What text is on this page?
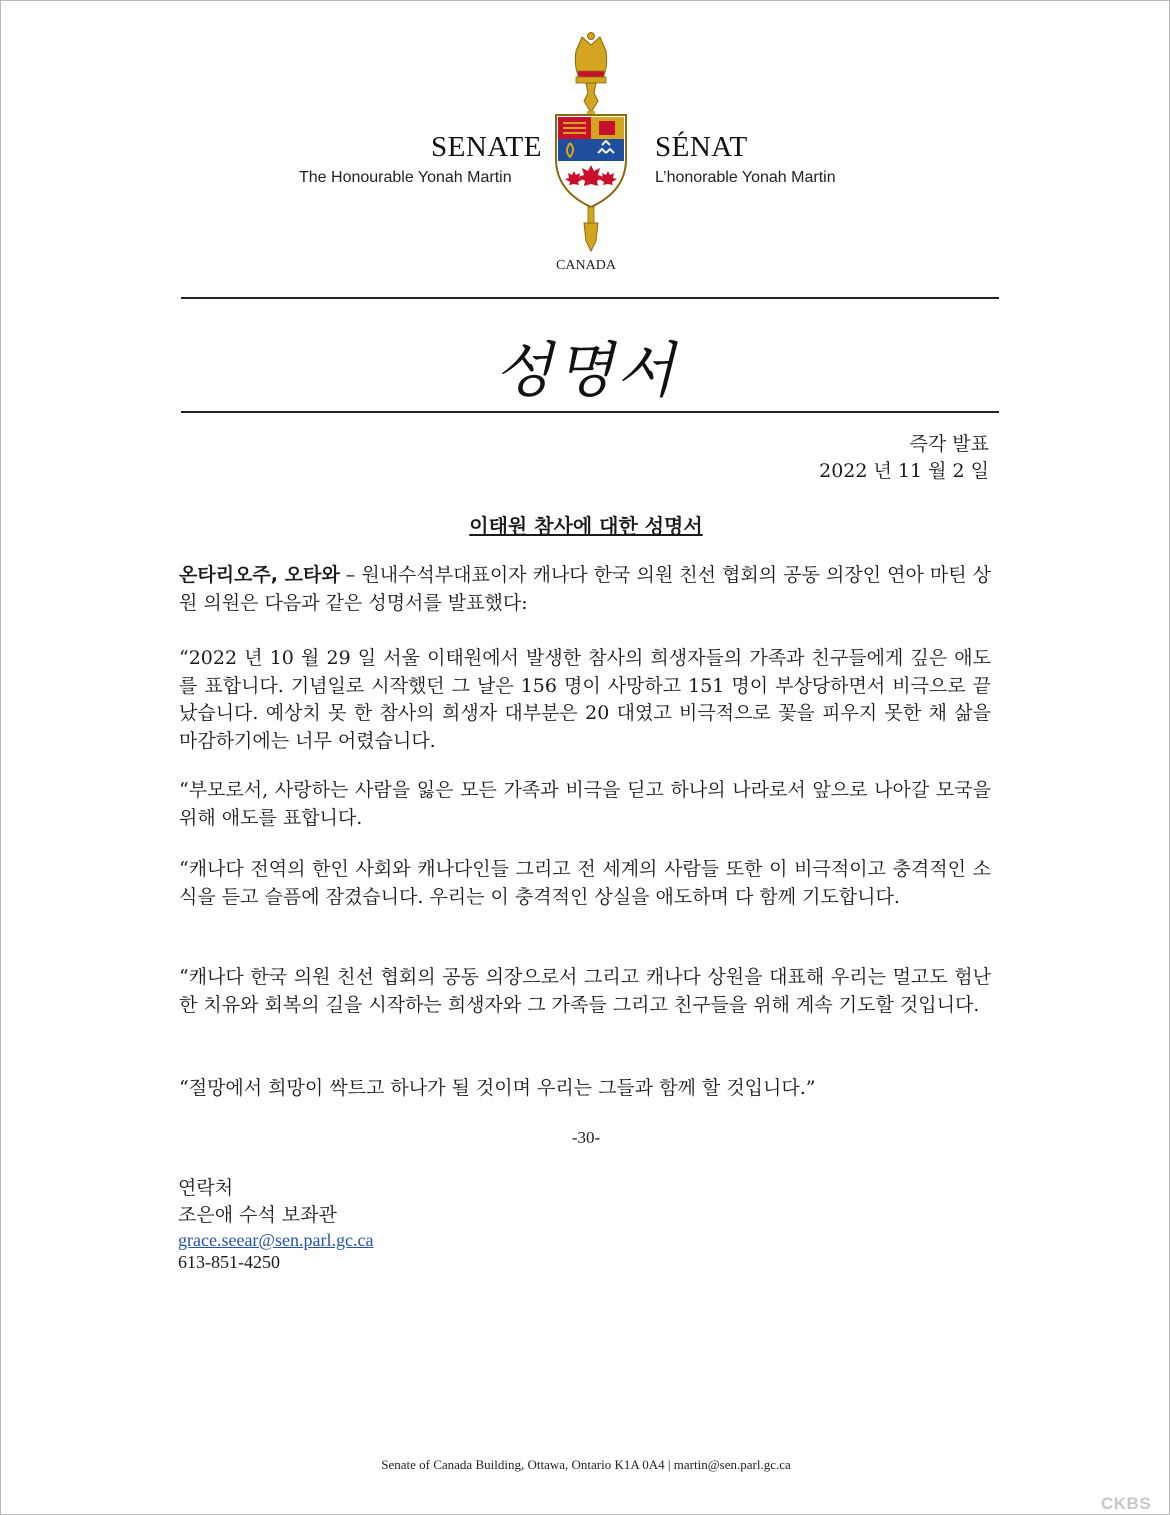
SENATE
The Honourable Yonah Martin
SÉNAT
L’honorable Yonah Martin
CANADA
성명서
즉각 발표
2022 년 11 월 2 일
이태원 참사에 대한 성명서

온타리오주, 오타와 – 원내수석부대표이자 캐나다 한국 의원 친선 협회의 공동 의장인 연아 마틴 상원 의원은 다음과 같은 성명서를 발표했다:

“2022 년 10 월 29 일 서울 이태원에서 발생한 참사의 희생자들의 가족과 친구들에게 깊은 애도를 표합니다. 기념일로 시작했던 그 날은 156 명이 사망하고 151 명이 부상당하면서 비극으로 끝났습니다. 예상치 못 한 참사의 희생자 대부분은 20 대였고 비극적으로 꽃을 피우지 못한 채 삶을 마감하기에는 너무 어렸습니다.

“부모로서, 사랑하는 사람을 잃은 모든 가족과 비극을 딛고 하나의 나라로서 앞으로 나아갈 모국을 위해 애도를 표합니다.

“캐나다 전역의 한인 사회와 캐나다인들 그리고 전 세계의 사람들 또한 이 비극적이고 충격적인 소식을 듣고 슬픔에 잠겼습니다. 우리는 이 충격적인 상실을 애도하며 다 함께 기도합니다.

“캐나다 한국 의원 친선 협회의 공동 의장으로서 그리고 캐나다 상원을 대표해 우리는 멀고도 험난한 치유와 회복의 길을 시작하는 희생자와 그 가족들 그리고 친구들을 위해 계속 기도할 것입니다.

“절망에서 희망이 싹트고 하나가 될 것이며 우리는 그들과 함께 할 것입니다.”

-30-
연락처
조은애 수석 보좌관
grace.seear@sen.parl.gc.ca
613-851-4250
Senate of Canada Building, Ottawa, Ontario K1A 0A4 | martin@sen.parl.gc.ca
CKBS
